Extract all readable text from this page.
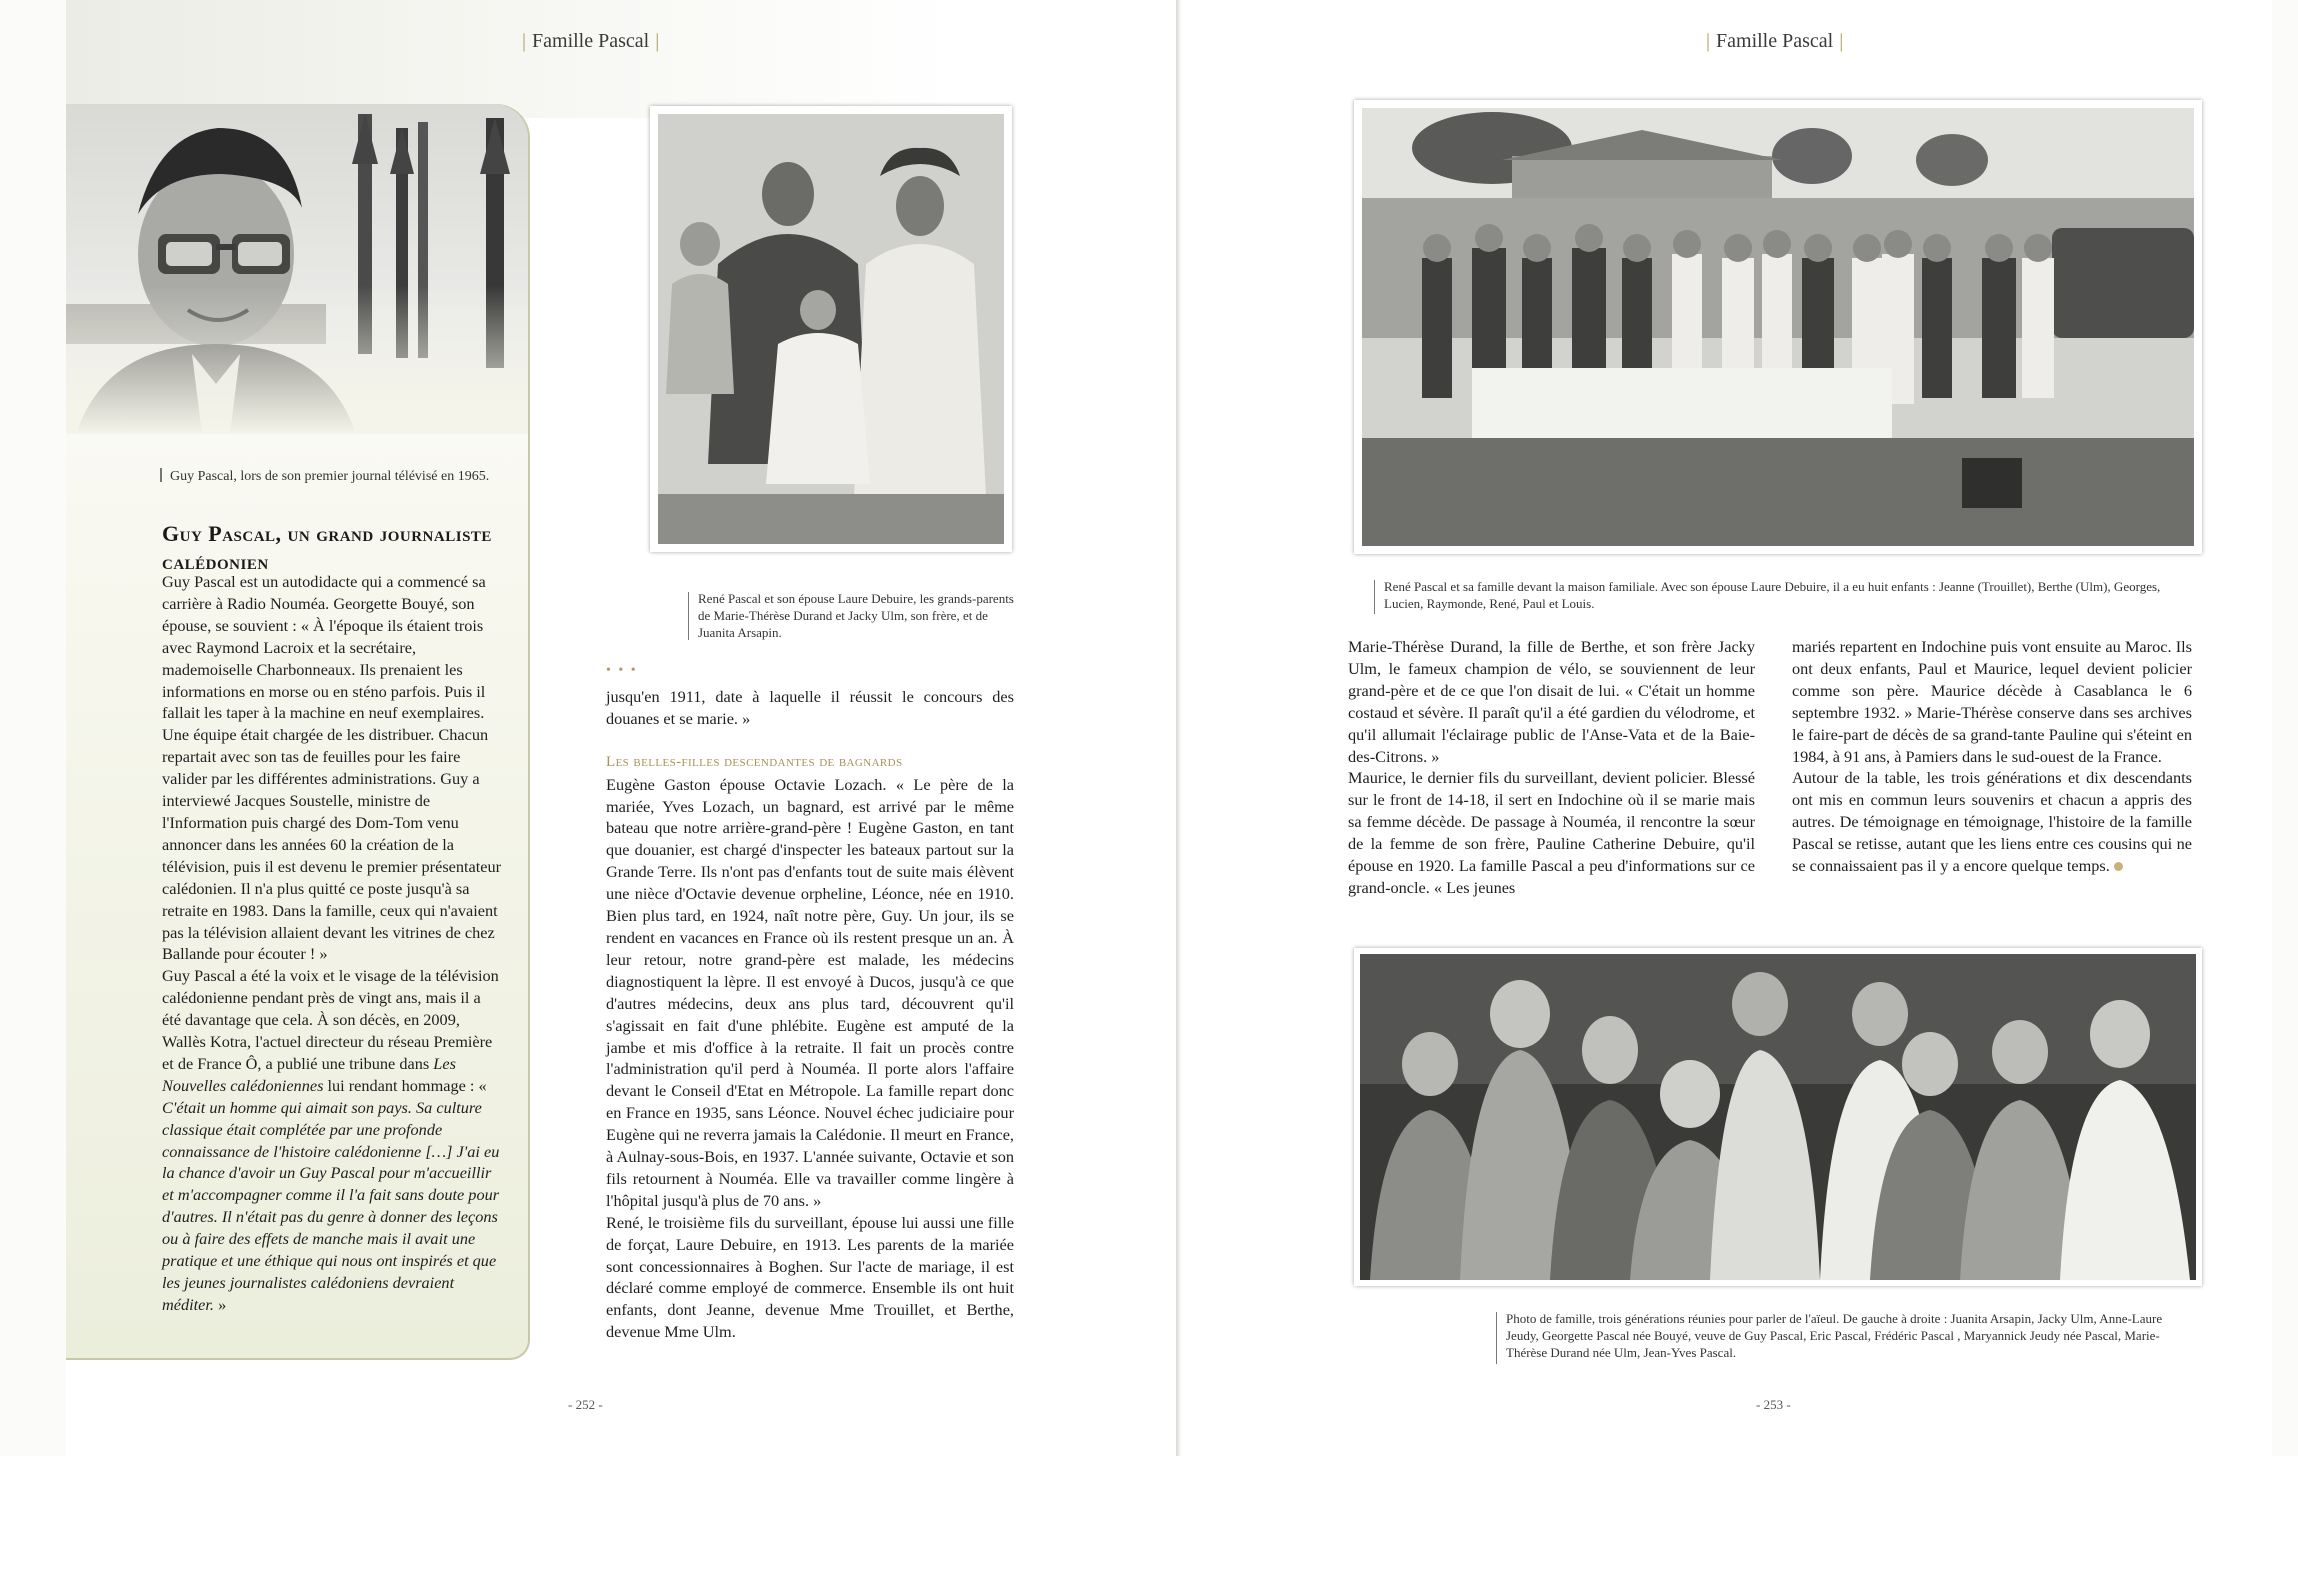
| Famille Pascal |	| Famille Pascal |
Guy Pascal, lors de son premier journal télévisé en 1965.
Guy Pascal, un grand journaliste calédonien

Guy Pascal est un autodidacte qui a commencé sa carrière à Radio Nouméa. Georgette Bouyé, son épouse, se souvient : « À l'époque ils étaient trois avec Raymond Lacroix et la secrétaire, mademoiselle Charbonneaux. Ils prenaient les informations en morse ou en sténo parfois. Puis il fallait les taper à la machine en neuf exemplaires. Une équipe était chargée de les distribuer. Chacun repartait avec son tas de feuilles pour les faire valider par les différentes administrations. Guy a interviewé Jacques Soustelle, ministre de l'Information puis chargé des Dom-Tom venu annoncer dans les années 60 la création de la télévision, puis il est devenu le premier présentateur calédonien. Il n'a plus quitté ce poste jusqu'à sa retraite en 1983. Dans la famille, ceux qui n'avaient pas la télévision allaient devant les vitrines de chez Ballande pour écouter ! »

Guy Pascal a été la voix et le visage de la télévision calédonienne pendant près de vingt ans, mais il a été davantage que cela. À son décès, en 2009, Wallès Kotra, l'actuel directeur du réseau Première et de France Ô, a publié une tribune dans Les Nouvelles calédoniennes lui rendant hommage : « C'était un homme qui aimait son pays. Sa culture classique était complétée par une profonde connaissance de l'histoire calédonienne […] J'ai eu la chance d'avoir un Guy Pascal pour m'accueillir et m'accompagner comme il l'a fait sans doute pour d'autres. Il n'était pas du genre à donner des leçons ou à faire des effets de manche mais il avait une pratique et une éthique qui nous ont inspirés et que les jeunes journalistes calédoniens devraient méditer. »

René Pascal et son épouse Laure Debuire, les grands-parents de Marie-Thérèse Durand et Jacky Ulm, son frère, et de Juanita Arsapin.
• • •

jusqu'en 1911, date à laquelle il réussit le concours des douanes et se marie. »

Les belles-filles descendantes de bagnards

Eugène Gaston épouse Octavie Lozach. « Le père de la mariée, Yves Lozach, un bagnard, est arrivé par le même bateau que notre arrière-grand-père ! Eugène Gaston, en tant que douanier, est chargé d'inspecter les bateaux partout sur la Grande Terre. Ils n'ont pas d'enfants tout de suite mais élèvent une nièce d'Octavie devenue orpheline, Léonce, née en 1910. Bien plus tard, en 1924, naît notre père, Guy. Un jour, ils se rendent en vacances en France où ils restent presque un an. À leur retour, notre grand-père est malade, les médecins diagnostiquent la lèpre. Il est envoyé à Ducos, jusqu'à ce que d'autres médecins, deux ans plus tard, découvrent qu'il s'agissait en fait d'une phlébite. Eugène est amputé de la jambe et mis d'office à la retraite. Il fait un procès contre l'administration qu'il perd à Nouméa. Il porte alors l'affaire devant le Conseil d'Etat en Métropole. La famille repart donc en France en 1935, sans Léonce. Nouvel échec judiciaire pour Eugène qui ne reverra jamais la Calédonie. Il meurt en France, à Aulnay-sous-Bois, en 1937. L'année suivante, Octavie et son fils retournent à Nouméa. Elle va travailler comme lingère à l'hôpital jusqu'à plus de 70 ans. »

René, le troisième fils du surveillant, épouse lui aussi une fille de forçat, Laure Debuire, en 1913. Les parents de la mariée sont concessionnaires à Boghen. Sur l'acte de mariage, il est déclaré comme employé de commerce. Ensemble ils ont huit enfants, dont Jeanne, devenue Mme Trouillet, et Berthe, devenue Mme Ulm.

René Pascal et sa famille devant la maison familiale. Avec son épouse Laure Debuire, il a eu huit enfants : Jeanne (Trouillet), Berthe (Ulm), Georges, Lucien, Raymonde, René, Paul et Louis.

Marie-Thérèse Durand, la fille de Berthe, et son frère Jacky Ulm, le fameux champion de vélo, se souviennent de leur grand-père et de ce que l'on disait de lui. « C'était un homme costaud et sévère. Il paraît qu'il a été gardien du vélodrome, et qu'il allumait l'éclairage public de l'Anse-Vata et de la Baie-des-Citrons. »

Maurice, le dernier fils du surveillant, devient policier. Blessé sur le front de 14-18, il sert en Indochine où il se marie mais sa femme décède. De passage à Nouméa, il rencontre la sœur de la femme de son frère, Pauline Catherine Debuire, qu'il épouse en 1920. La famille Pascal a peu d'informations sur ce grand-oncle. « Les jeunes

mariés repartent en Indochine puis vont ensuite au Maroc. Ils ont deux enfants, Paul et Maurice, lequel devient policier comme son père. Maurice décède à Casablanca le 6 septembre 1932. » Marie-Thérèse conserve dans ses archives le faire-part de décès de sa grand-tante Pauline qui s'éteint en 1984, à 91 ans, à Pamiers dans le sud-ouest de la France.

Autour de la table, les trois générations et dix descendants ont mis en commun leurs souvenirs et chacun a appris des autres. De témoignage en témoignage, l'histoire de la famille Pascal se retisse, autant que les liens entre ces cousins qui ne se connaissaient pas il y a encore quelque temps.

Photo de famille, trois générations réunies pour parler de l'aïeul. De gauche à droite : Juanita Arsapin, Jacky Ulm, Anne-Laure Jeudy, Georgette Pascal née Bouyé, veuve de Guy Pascal, Eric Pascal, Frédéric Pascal , Maryannick Jeudy née Pascal, Marie-Thérèse Durand née Ulm, Jean-Yves Pascal.
- 252 -	- 253 -
